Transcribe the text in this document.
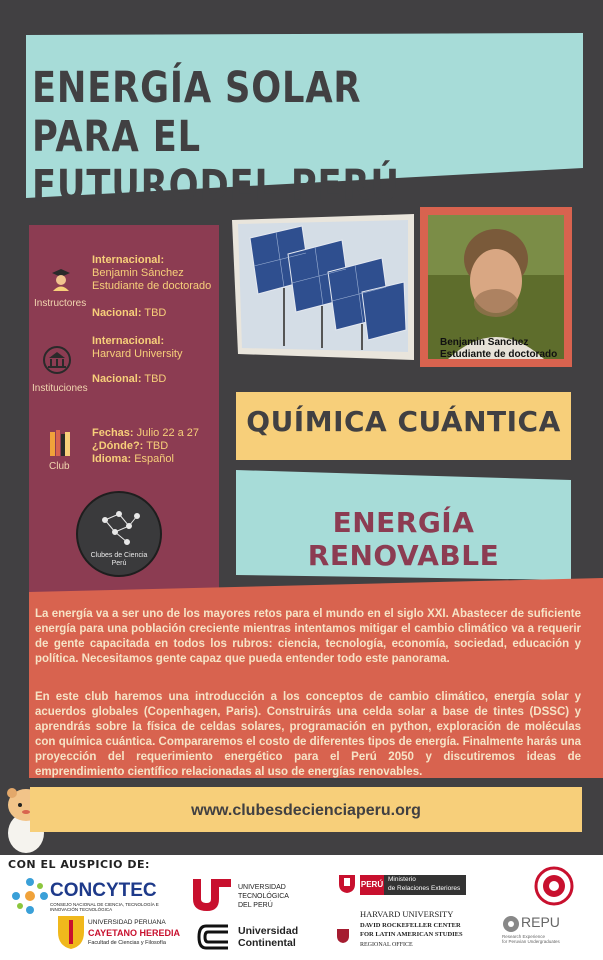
ENERGÍA SOLAR PARA EL
FUTURODEL PERÚ
Instructores
Internacional:
Benjamin Sánchez
Estudiante de doctorado
Nacional: TBD
Instituciones
Internacional:
Harvard University
Nacional: TBD
Club
Fechas: Julio 22 a 27
¿Dónde?: TBD
Idioma: Español
Clubes de Ciencia
Perú
Benjamin Sanchez
Estudiante de doctorado
QUÍMICA CUÁNTICA
ENERGÍA RENOVABLE
La energía va a ser uno de los mayores retos para el mundo en el siglo XXI. Abastecer de suficiente energía para una población creciente mientras intentamos mitigar el cambio climático va a requerir de gente capacitada en todos los rubros: ciencia, tecnología, economía, sociedad, educación y política. Necesitamos gente capaz que pueda entender todo este panorama.
En este club haremos una introducción a los conceptos de cambio climático, energía solar y acuerdos globales (Copenhagen, Paris). Construirás una celda solar a base de tintes (DSSC) y aprendrás sobre la física de celdas solares, programación en python, exploración de moléculas con química cuántica. Compararemos el costo de diferentes tipos de energía. Finalmente harás una proyección del requerimiento energético para el Perú 2050 y discutiremos ideas de emprendimiento científico relacionadas al uso de energías renovables.
www.clubesdecienciaperu.org
CON EL AUSPICIO DE:
CONCYTEC
CONSEJO NACIONAL DE CIENCIA, TECNOLOGÍA E INNOVACIÓN TECNOLÓGICA
UNIVERSIDAD
TECNOLÓGICA
DEL PERÚ
PERÚ
Ministerio
de Relaciones Exteriores
UNIVERSIDAD PERUANA
CAYETANO HEREDIA
Facultad de Ciencias y Filosofía
Universidad
Continental
HARVARD UNIVERSITY
DAVID ROCKEFELLER CENTER
FOR LATIN AMERICAN STUDIES
REGIONAL OFFICE
REPU
Research Experience
for Peruvian Undergraduates
